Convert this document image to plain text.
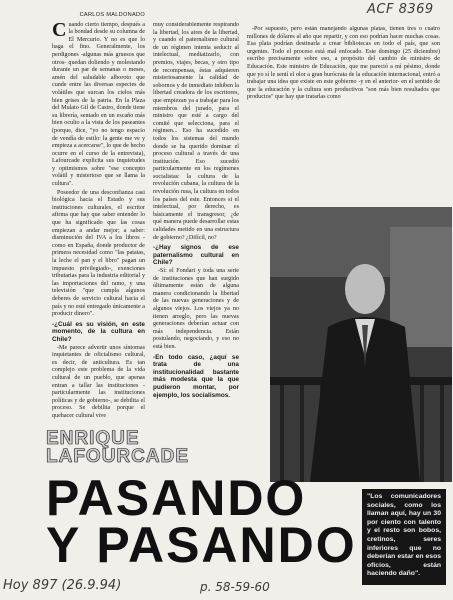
ACF 8369

CARLOS MALDONADO

Cuando cierto tiempo, después a la bondad desde su columna de El Mercurio. Y no es que lo haga el fino. Generalmente, los perdigones -algunas más gruesos que otros- quedan doliendo y molestando durante un par de semanas o meses, amén del saludable alboroto que cunde entre las diversas especies de volátiles que surcan los cielos más bien grises de la patria. En la Plaza del Mulato Gil de Castro, donde tiene su librería, sentado en un escaño más bien oculto a la vista de los paseantes (porque, dice, "yo no tengo espacio de vendía de estilo: la gente me ve y empieza a acercarse", lo que de hecho ocurre en el curso de la entrevista), Lafourcade explicita sus inquietudes y optimismos sobre "ese concepto volátil y misterioso que se llama la cultura".

Poseedor de una desconfianza casi biológica hacia el Estado y sus instituciones culturales, el escritor afirma que hay que saber entender lo que ha significado que las cosas empiezan a andar mejor; a saber: disminución del IVA a los libros -como en España, donde productor de primera necesidad como "las patatas, la leche el pan y el libro" pagan un impuesto privilegiado-, exenciones tributarias para la industria editorial y las importaciones del ramo, y una televisión "que cumpla algunos deberes de servicio cultural hacia el país y no esté entregado únicamente a producir dinero".

-¿Cuál es su visión, en este momento, de la cultura en Chile?

-Me parece advertir unos síntomas inquietantes de oficialismo cultural, es decir, de anticultura. Es tan complejo este problema de la vida cultural de un pueblo, que apenas entran a tallar las instituciones -particularmente las instituciones políticas y de gobierno-, se debilita el proceso. Se debilita porque el quehacer cultural vive

muy considerablemente respirando la libertad, los aires de la libertad, y cuando el paternalismo cultural de un régimen intenta seducir al intelectual, mediatizarlo, con premios, viajes, becas, y otro tipo de recompensas, éstas adquieren misteriosamente la calidad de sobornos y de inmediato inhiben la libertad creadora de los escritores, que empiezan ya a trabajar para los miembros del jurado, para el ministro que esté a cargo del comité que selecciona, para el régimen... Eso ha sucedido en todos los sistemas del mundo donde se ha querido dominar el proceso cultural a través de una institución. Eso sucedió particularmente en los regímenes socialistas: la cultura de la revolución cubana, la cultura de la revolución rusa, la cultura en todos los países del este. Entonces si el intelectual, por derecho, es básicamente el transgresor, ¿de qué manera puede desarrollar estas calidades metido en una estructura de gobierno? ¿Difícil, no?

-¿Hay signos de ese paternalismo cultural en Chile?

-Sí: el Fondart y toda una serie de instituciones que han surgido últimamente están de alguna manera condicionando la libertad de las nuevas generaciones y de algunos viejos. Los viejos ya no tienen arreglo, pero las nuevas generaciones deberían actuar con más independencia. Están postulando, negociando, y eso no está bien.

-En todo caso, ¿aquí se trata de una institucionalidad bastante más modesta que la que pudieron montar, por ejemplo, los socialismos.

-Por supuesto, pero están manejando algunas platas, tienen tres o cuatro millones de dólares al año que repartir, y con eso podrían hacer muchas cosas. Esa plata podrían destinarla a crear bibliotecas en todo el país, que son urgentes. Todo el proceso está mal enfocado. Este domingo (25 diciembre) escribo precisamente sobre eso, a propósito del cambio de ministro de Educación. Este ministro de Educación, que me pareció a mí pésimo, donde que yo sí le sentí el olor a gran burócrata de la educación internacional, entró a trabajar una idea que existe en este gobierno -y en el anterior- en el sentido de que la educación y la cultura son productivos "son más bien resultados que productos" que hay que tratarlas como

ENRIQUE LAFOURCADE
PASANDO
Y PASANDO
"Los comunicadores sociales, como los llaman aquí, hay un 30 por ciento con talento y el resto son bobos, cretinos, seres inferiores que no deberían estar en esos oficios, están haciendo daño".
Hoy 897 (26.9.94)	p. 58-59-60
